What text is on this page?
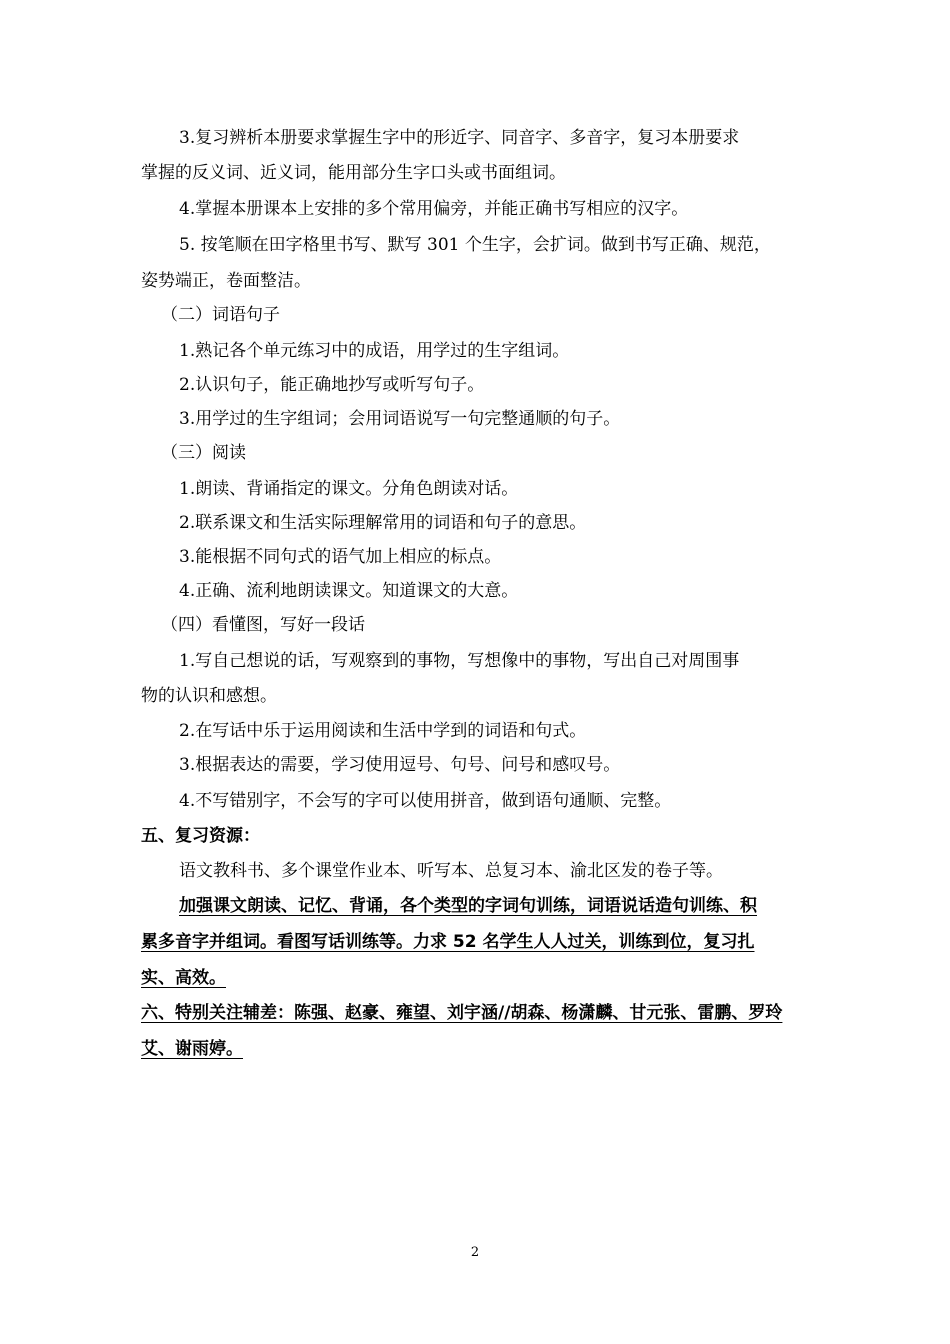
3.复习辨析本册要求掌握生字中的形近字、同音字、多音字，复习本册要求
掌握的反义词、近义词，能用部分生字口头或书面组词。
4.掌握本册课本上安排的多个常用偏旁，并能正确书写相应的汉字。
5. 按笔顺在田字格里书写、默写 301 个生字，会扩词。做到书写正确、规范，
姿势端正，卷面整洁。
（二）词语句子
1.熟记各个单元练习中的成语，用学过的生字组词。
2.认识句子，能正确地抄写或听写句子。
3.用学过的生字组词；会用词语说写一句完整通顺的句子。
（三）阅读
1.朗读、背诵指定的课文。分角色朗读对话。
2.联系课文和生活实际理解常用的词语和句子的意思。
3.能根据不同句式的语气加上相应的标点。
4.正确、流利地朗读课文。知道课文的大意。
（四）看懂图，写好一段话
1.写自己想说的话，写观察到的事物，写想像中的事物，写出自己对周围事
物的认识和感想。
2.在写话中乐于运用阅读和生活中学到的词语和句式。
3.根据表达的需要，学习使用逗号、句号、问号和感叹号。
4.不写错别字，不会写的字可以使用拼音，做到语句通顺、完整。
五、复习资源：
语文教科书、多个课堂作业本、听写本、总复习本、渝北区发的卷子等。
加强课文朗读、记忆、背诵，各个类型的字词句训练，词语说话造句训练、积
累多音字并组词。看图写话训练等。力求 52 名学生人人过关，训练到位，复习扎
实、高效。
六、特别关注辅差：陈强、赵豪、雍望、刘宇涵//胡森、杨潇麟、甘元张、雷鹏、罗玲
艾、谢雨婷。
2
